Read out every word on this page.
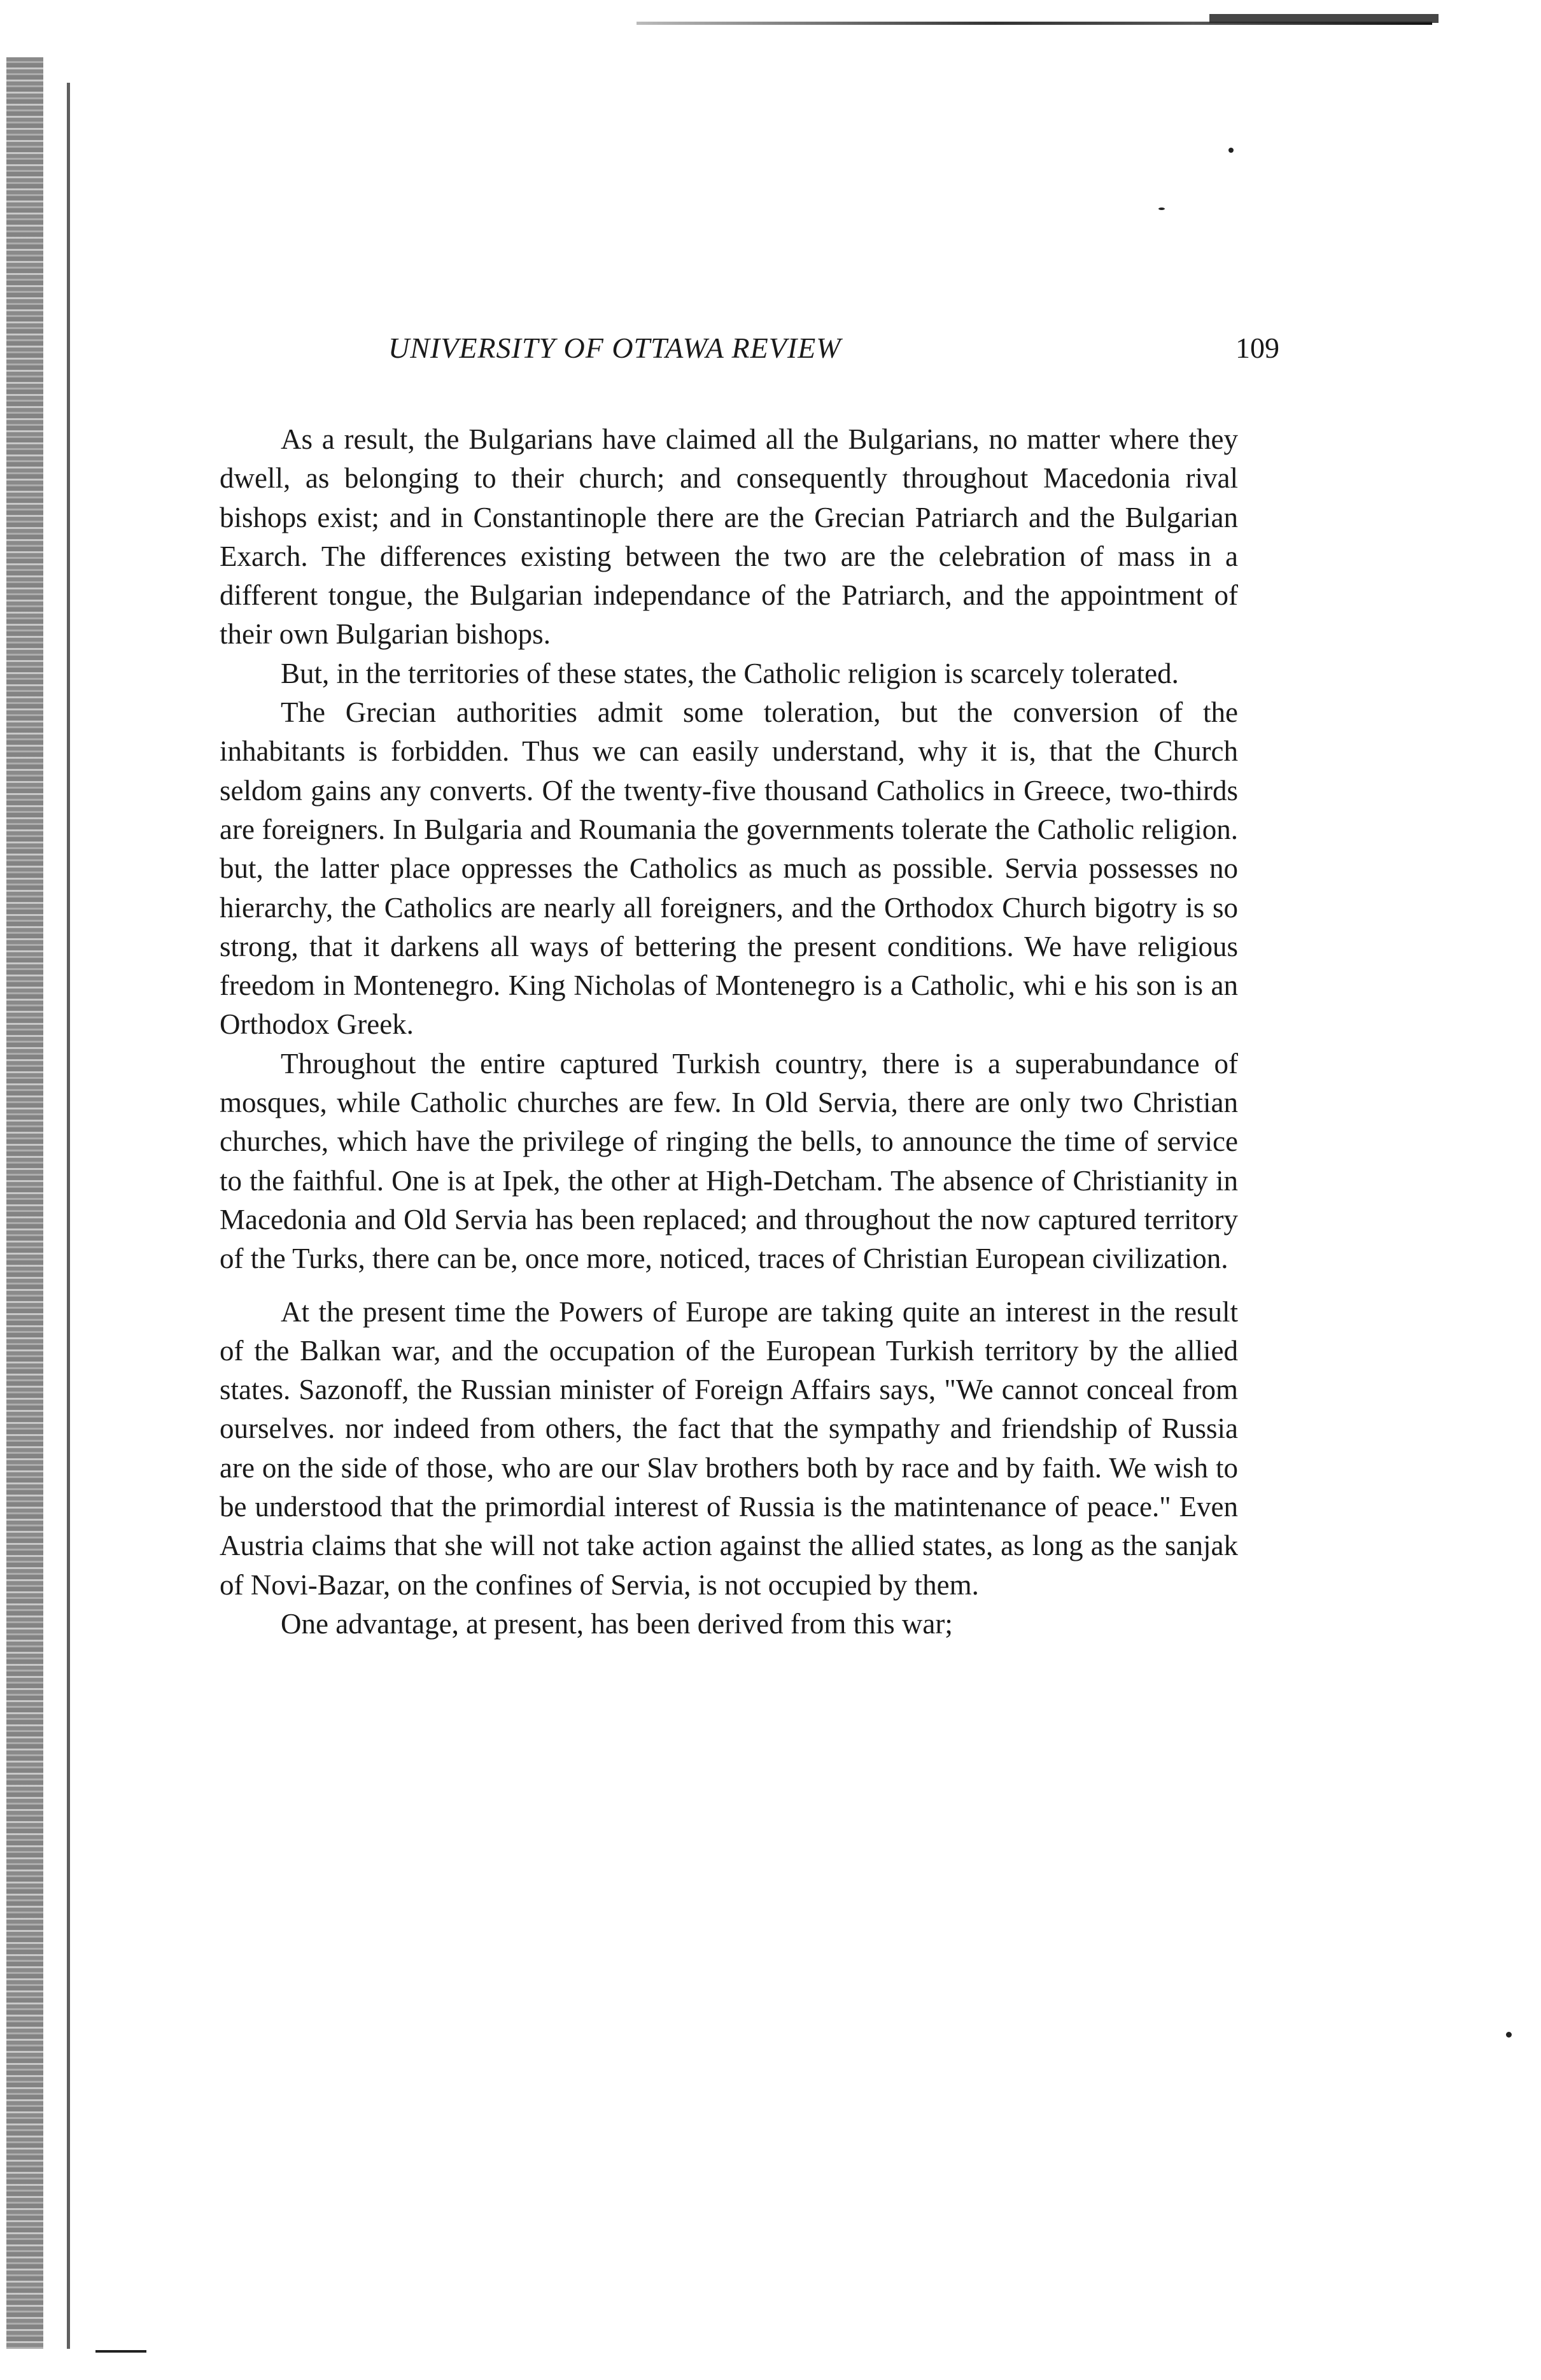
UNIVERSITY OF OTTAWA REVIEW	109

As a result, the Bulgarians have claimed all the Bulgarians, no matter where they dwell, as belonging to their church; and consequently throughout Macedonia rival bishops exist; and in Constantinople there are the Grecian Patriarch and the Bulgarian Exarch. The differences existing between the two are the celebration of mass in a different tongue, the Bulgarian independance of the Patriarch, and the appointment of their own Bulgarian bishops.

But, in the territories of these states, the Catholic religion is scarcely tolerated.

The Grecian authorities admit some toleration, but the conversion of the inhabitants is forbidden. Thus we can easily understand, why it is, that the Church seldom gains any converts. Of the twenty-five thousand Catholics in Greece, two-thirds are foreigners. In Bulgaria and Roumania the governments tolerate the Catholic religion. but, the latter place oppresses the Catholics as much as possible. Servia possesses no hierarchy, the Catholics are nearly all foreigners, and the Orthodox Church bigotry is so strong, that it darkens all ways of bettering the present conditions. We have religious freedom in Montenegro. King Nicholas of Montenegro is a Catholic, whi e his son is an Orthodox Greek.

Throughout the entire captured Turkish country, there is a superabundance of mosques, while Catholic churches are few. In Old Servia, there are only two Christian churches, which have the privilege of ringing the bells, to announce the time of service to the faithful. One is at Ipek, the other at High-Detcham. The absence of Christianity in Macedonia and Old Servia has been replaced; and throughout the now captured territory of the Turks, there can be, once more, noticed, traces of Christian European civilization.

At the present time the Powers of Europe are taking quite an interest in the result of the Balkan war, and the occupation of the European Turkish territory by the allied states. Sazonoff, the Russian minister of Foreign Affairs says, "We cannot conceal from ourselves. nor indeed from others, the fact that the sympathy and friendship of Russia are on the side of those, who are our Slav brothers both by race and by faith. We wish to be understood that the primordial interest of Russia is the matintenance of peace." Even Austria claims that she will not take action against the allied states, as long as the sanjak of Novi-Bazar, on the confines of Servia, is not occupied by them.

One advantage, at present, has been derived from this war;
